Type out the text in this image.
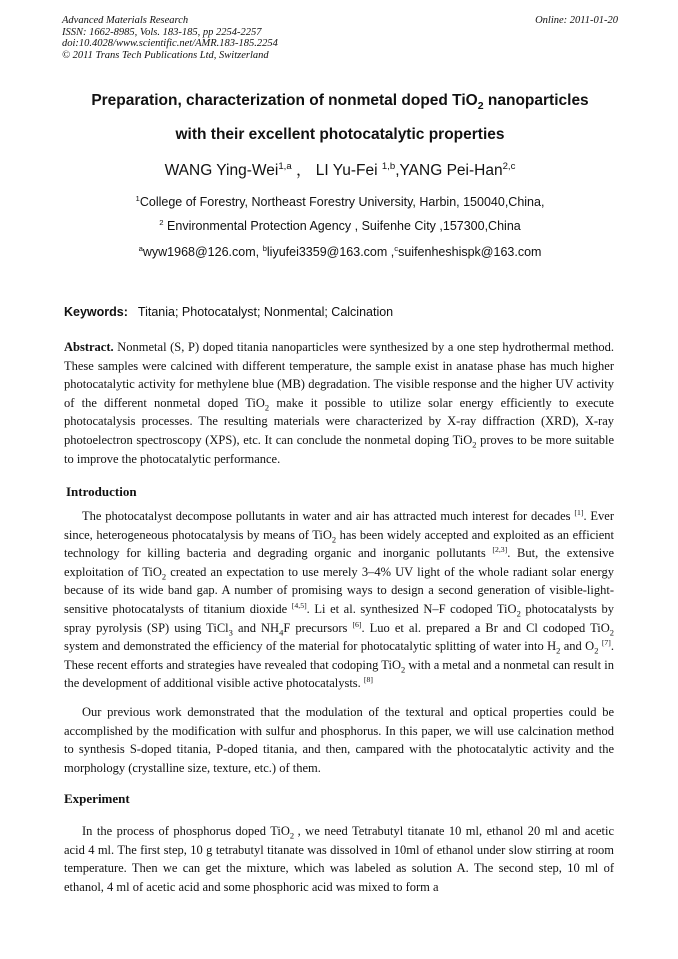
Advanced Materials Research
ISSN: 1662-8985, Vols. 183-185, pp 2254-2257
doi:10.4028/www.scientific.net/AMR.183-185.2254
© 2011 Trans Tech Publications Ltd, Switzerland
Online: 2011-01-20
Preparation, characterization of nonmetal doped TiO$_2$ nanoparticles
with their excellent photocatalytic properties
WANG Ying-Wei$^{1,a}$ ， LI Yu-Fei $^{1,b}$,YANG Pei-Han$^{2,c}$
$^1$College of Forestry, Northeast Forestry University, Harbin, 150040,China,
$^2$ Environmental Protection Agency , Suifenhe City ,157300,China
$^a$wyw1968@126.com, $^b$liyufei3359@163.com ,$^c$suifenheshispk@163.com
Keywords: Titania; Photocatalyst; Nonmental; Calcination
Abstract. Nonmetal (S, P) doped titania nanoparticles were synthesized by a one step hydrothermal method. These samples were calcined with different temperature, the sample exist in anatase phase has much higher photocatalytic activity for methylene blue (MB) degradation. The visible response and the higher UV activity of the different nonmetal doped TiO$_2$ make it possible to utilize solar energy efficiently to execute photocatalysis processes. The resulting materials were characterized by X-ray diffraction (XRD), X-ray photoelectron spectroscopy (XPS), etc. It can conclude the nonmetal doping TiO$_2$ proves to be more suitable to improve the photocatalytic performance.
Introduction
The photocatalyst decompose pollutants in water and air has attracted much interest for decades [1]. Ever since, heterogeneous photocatalysis by means of TiO$_2$ has been widely accepted and exploited as an efficient technology for killing bacteria and degrading organic and inorganic pollutants [2,3]. But, the extensive exploitation of TiO$_2$ created an expectation to use merely 3–4% UV light of the whole radiant solar energy because of its wide band gap. A number of promising ways to design a second generation of visible-light-sensitive photocatalysts of titanium dioxide [4,5]. Li et al. synthesized N–F codoped TiO$_2$ photocatalysts by spray pyrolysis (SP) using TiCl$_3$ and $NH_4F$ precursors [6]. Luo et al. prepared a Br and Cl codoped TiO$_2$ system and demonstrated the efficiency of the material for photocatalytic splitting of water into $H_2$ and $O_2$ [7]. These recent efforts and strategies have revealed that codoping TiO$_2$ with a metal and a nonmetal can result in the development of additional visible active photocatalysts. [8]
Our previous work demonstrated that the modulation of the textural and optical properties could be accomplished by the modification with sulfur and phosphorus. In this paper, we will use calcination method to synthesis S-doped titania, P-doped titania, and then, campared with the photocatalytic activity and the morphology (crystalline size, texture, etc.) of them.
Experiment
In the process of phosphorus doped TiO$_2$ , we need Tetrabutyl titanate 10 ml, ethanol 20 ml and acetic acid 4 ml. The first step, 10 g tetrabutyl titanate was dissolved in 10ml of ethanol under slow stirring at room temperature. Then we can get the mixture, which was labeled as solution A. The second step, 10 ml of ethanol, 4 ml of acetic acid and some phosphoric acid was mixed to form a
